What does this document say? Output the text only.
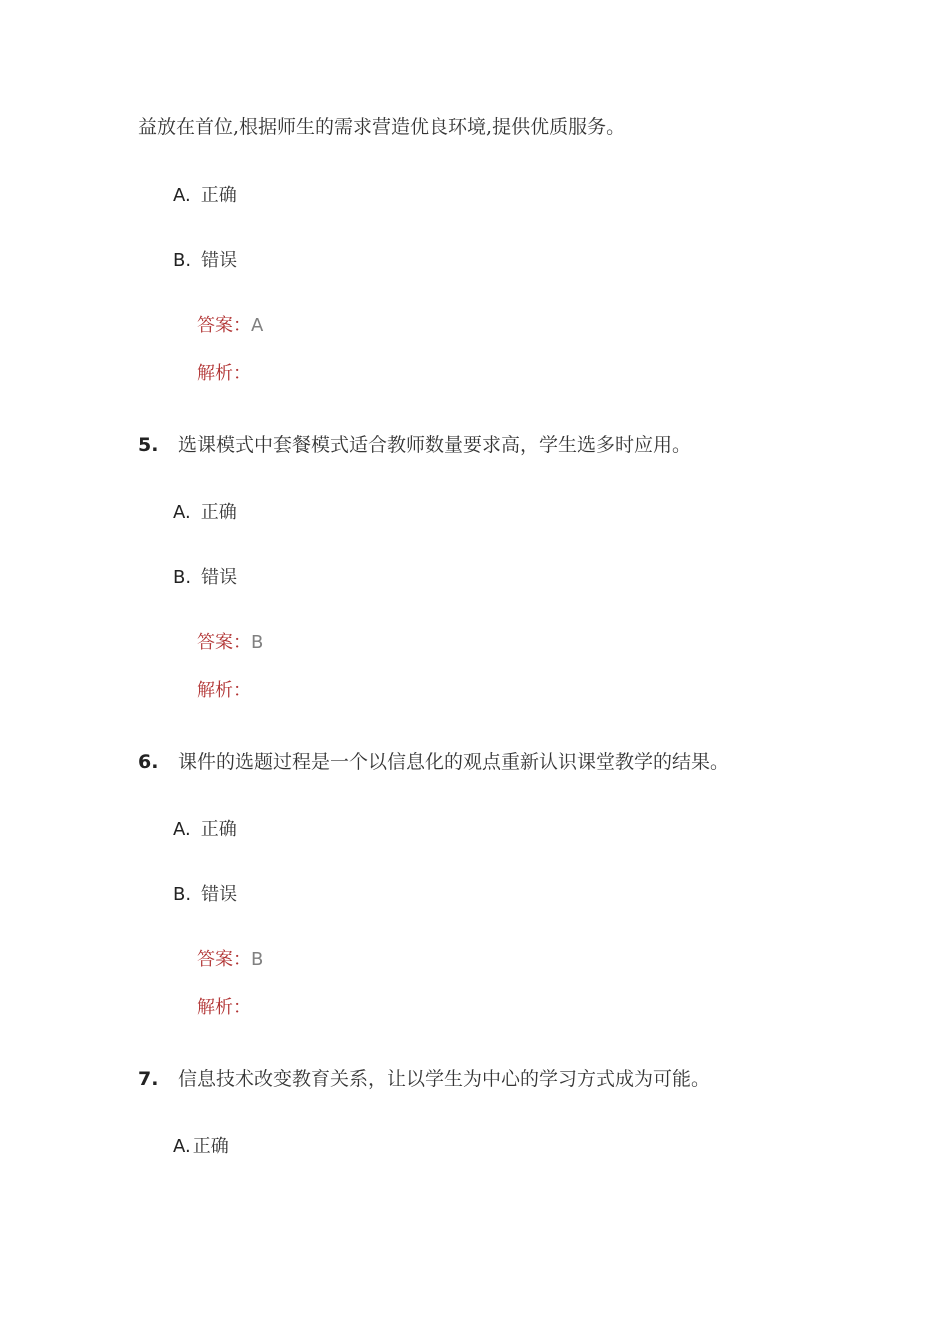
益放在首位,根据师生的需求营造优良环境,提供优质服务。
A. 正确
B. 错误
答案：A
解析：
5. 选课模式中套餐模式适合教师数量要求高，学生选多时应用。
A. 正确
B. 错误
答案：B
解析：
6. 课件的选题过程是一个以信息化的观点重新认识课堂教学的结果。
A. 正确
B. 错误
答案：B
解析：
7. 信息技术改变教育关系，让以学生为中心的学习方式成为可能。
A. 正确
